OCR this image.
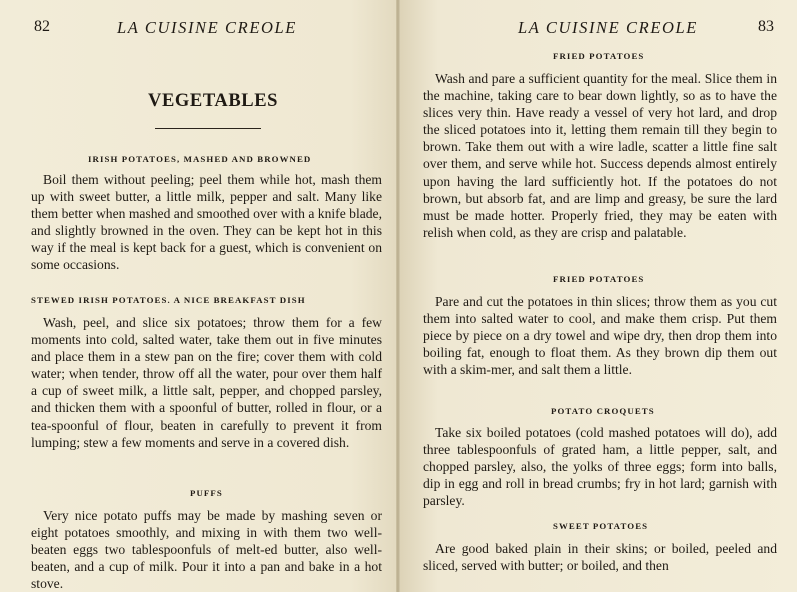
82	LA CUISINE CREOLE
VEGETABLES
IRISH POTATOES, MASHED AND BROWNED
Boil them without peeling; peel them while hot, mash them up with sweet butter, a little milk, pepper and salt. Many like them better when mashed and smoothed over with a knife blade, and slightly browned in the oven. They can be kept hot in this way if the meal is kept back for a guest, which is convenient on some occasions.
STEWED IRISH POTATOES. A NICE BREAKFAST DISH
Wash, peel, and slice six potatoes; throw them for a few moments into cold, salted water, take them out in five minutes and place them in a stew pan on the fire; cover them with cold water; when tender, throw off all the water, pour over them half a cup of sweet milk, a little salt, pepper, and chopped parsley, and thicken them with a spoonful of butter, rolled in flour, or a tea-spoonful of flour, beaten in carefully to prevent it from lumping; stew a few moments and serve in a covered dish.
PUFFS
Very nice potato puffs may be made by mashing seven or eight potatoes smoothly, and mixing in with them two well-beaten eggs two tablespoonfuls of melt-ed butter, also well-beaten, and a cup of milk. Pour it into a pan and bake in a hot stove.
LA CUISINE CREOLE	83
Wash and pare a sufficient quantity for the meal. Slice them in the machine, taking care to bear down lightly, so as to have the slices very thin. Have ready a vessel of very hot lard, and drop the sliced potatoes into it, letting them remain till they begin to brown. Take them out with a wire ladle, scatter a little fine salt over them, and serve while hot. Success depends almost entirely upon having the lard sufficiently hot. If the potatoes do not brown, but absorb fat, and are limp and greasy, be sure the lard must be made hotter. Properly fried, they may be eaten with relish when cold, as they are crisp and palatable.
FRIED POTATOES
FRIED POTATOES
Pare and cut the potatoes in thin slices; throw them as you cut them into salted water to cool, and make them crisp. Put them piece by piece on a dry towel and wipe dry, then drop them into boiling fat, enough to float them. As they brown dip them out with a skim-mer, and salt them a little.
POTATO CROQUETS
Take six boiled potatoes (cold mashed potatoes will do), add three tablespoonfuls of grated ham, a little pepper, salt, and chopped parsley, also, the yolks of three eggs; form into balls, dip in egg and roll in bread crumbs; fry in hot lard; garnish with parsley.
SWEET POTATOES
Are good baked plain in their skins; or boiled, peeled and sliced, served with butter; or boiled, and then
